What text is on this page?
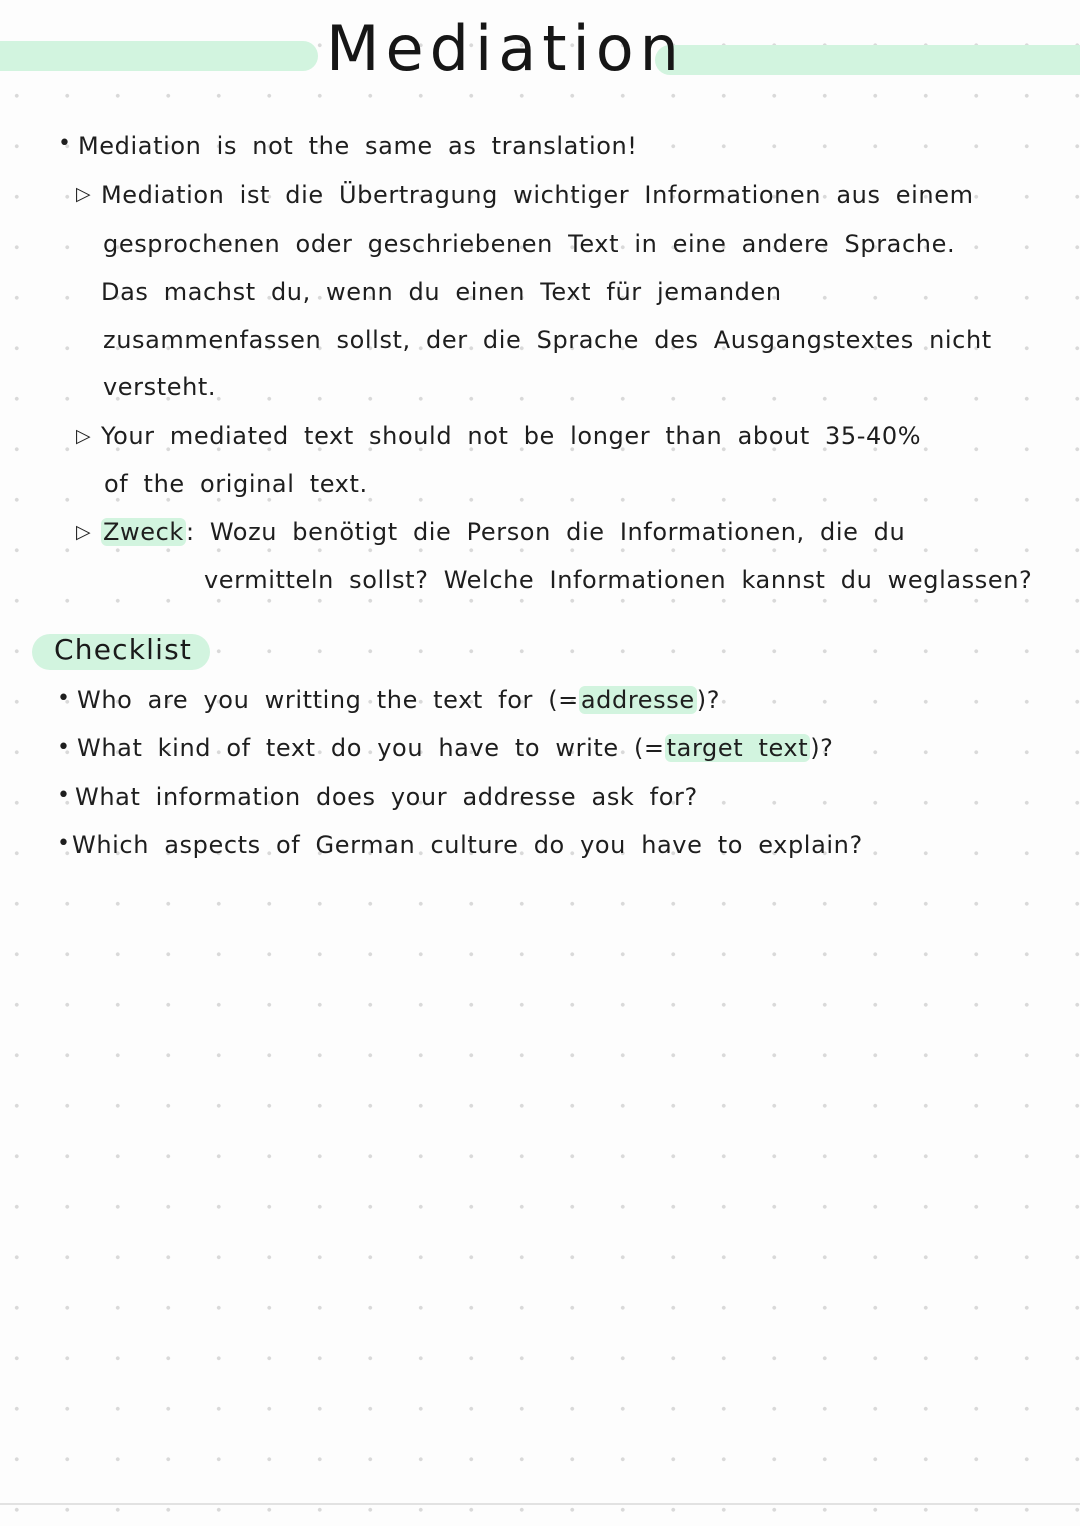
Mediation
• Mediation is not the same as translation!
▷ Mediation ist die Übertragung wichtiger Informationen aus einem
gesprochenen oder geschriebenen Text in eine andere Sprache.
Das machst du, wenn du einen Text für jemanden
zusammenfassen sollst, der die Sprache des Ausgangstextes nicht
versteht.
▷ Your mediated text should not be longer than about 35-40%
of the original text.
▷ Zweck: Wozu benötigt die Person die Informationen, die du
vermitteln sollst? Welche Informationen kannst du weglassen?
Checklist
• Who are you writting the text for (=addresse)?
• What kind of text do you have to write (=target text)?
• What information does your addresse ask for?
• Which aspects of German culture do you have to explain?
